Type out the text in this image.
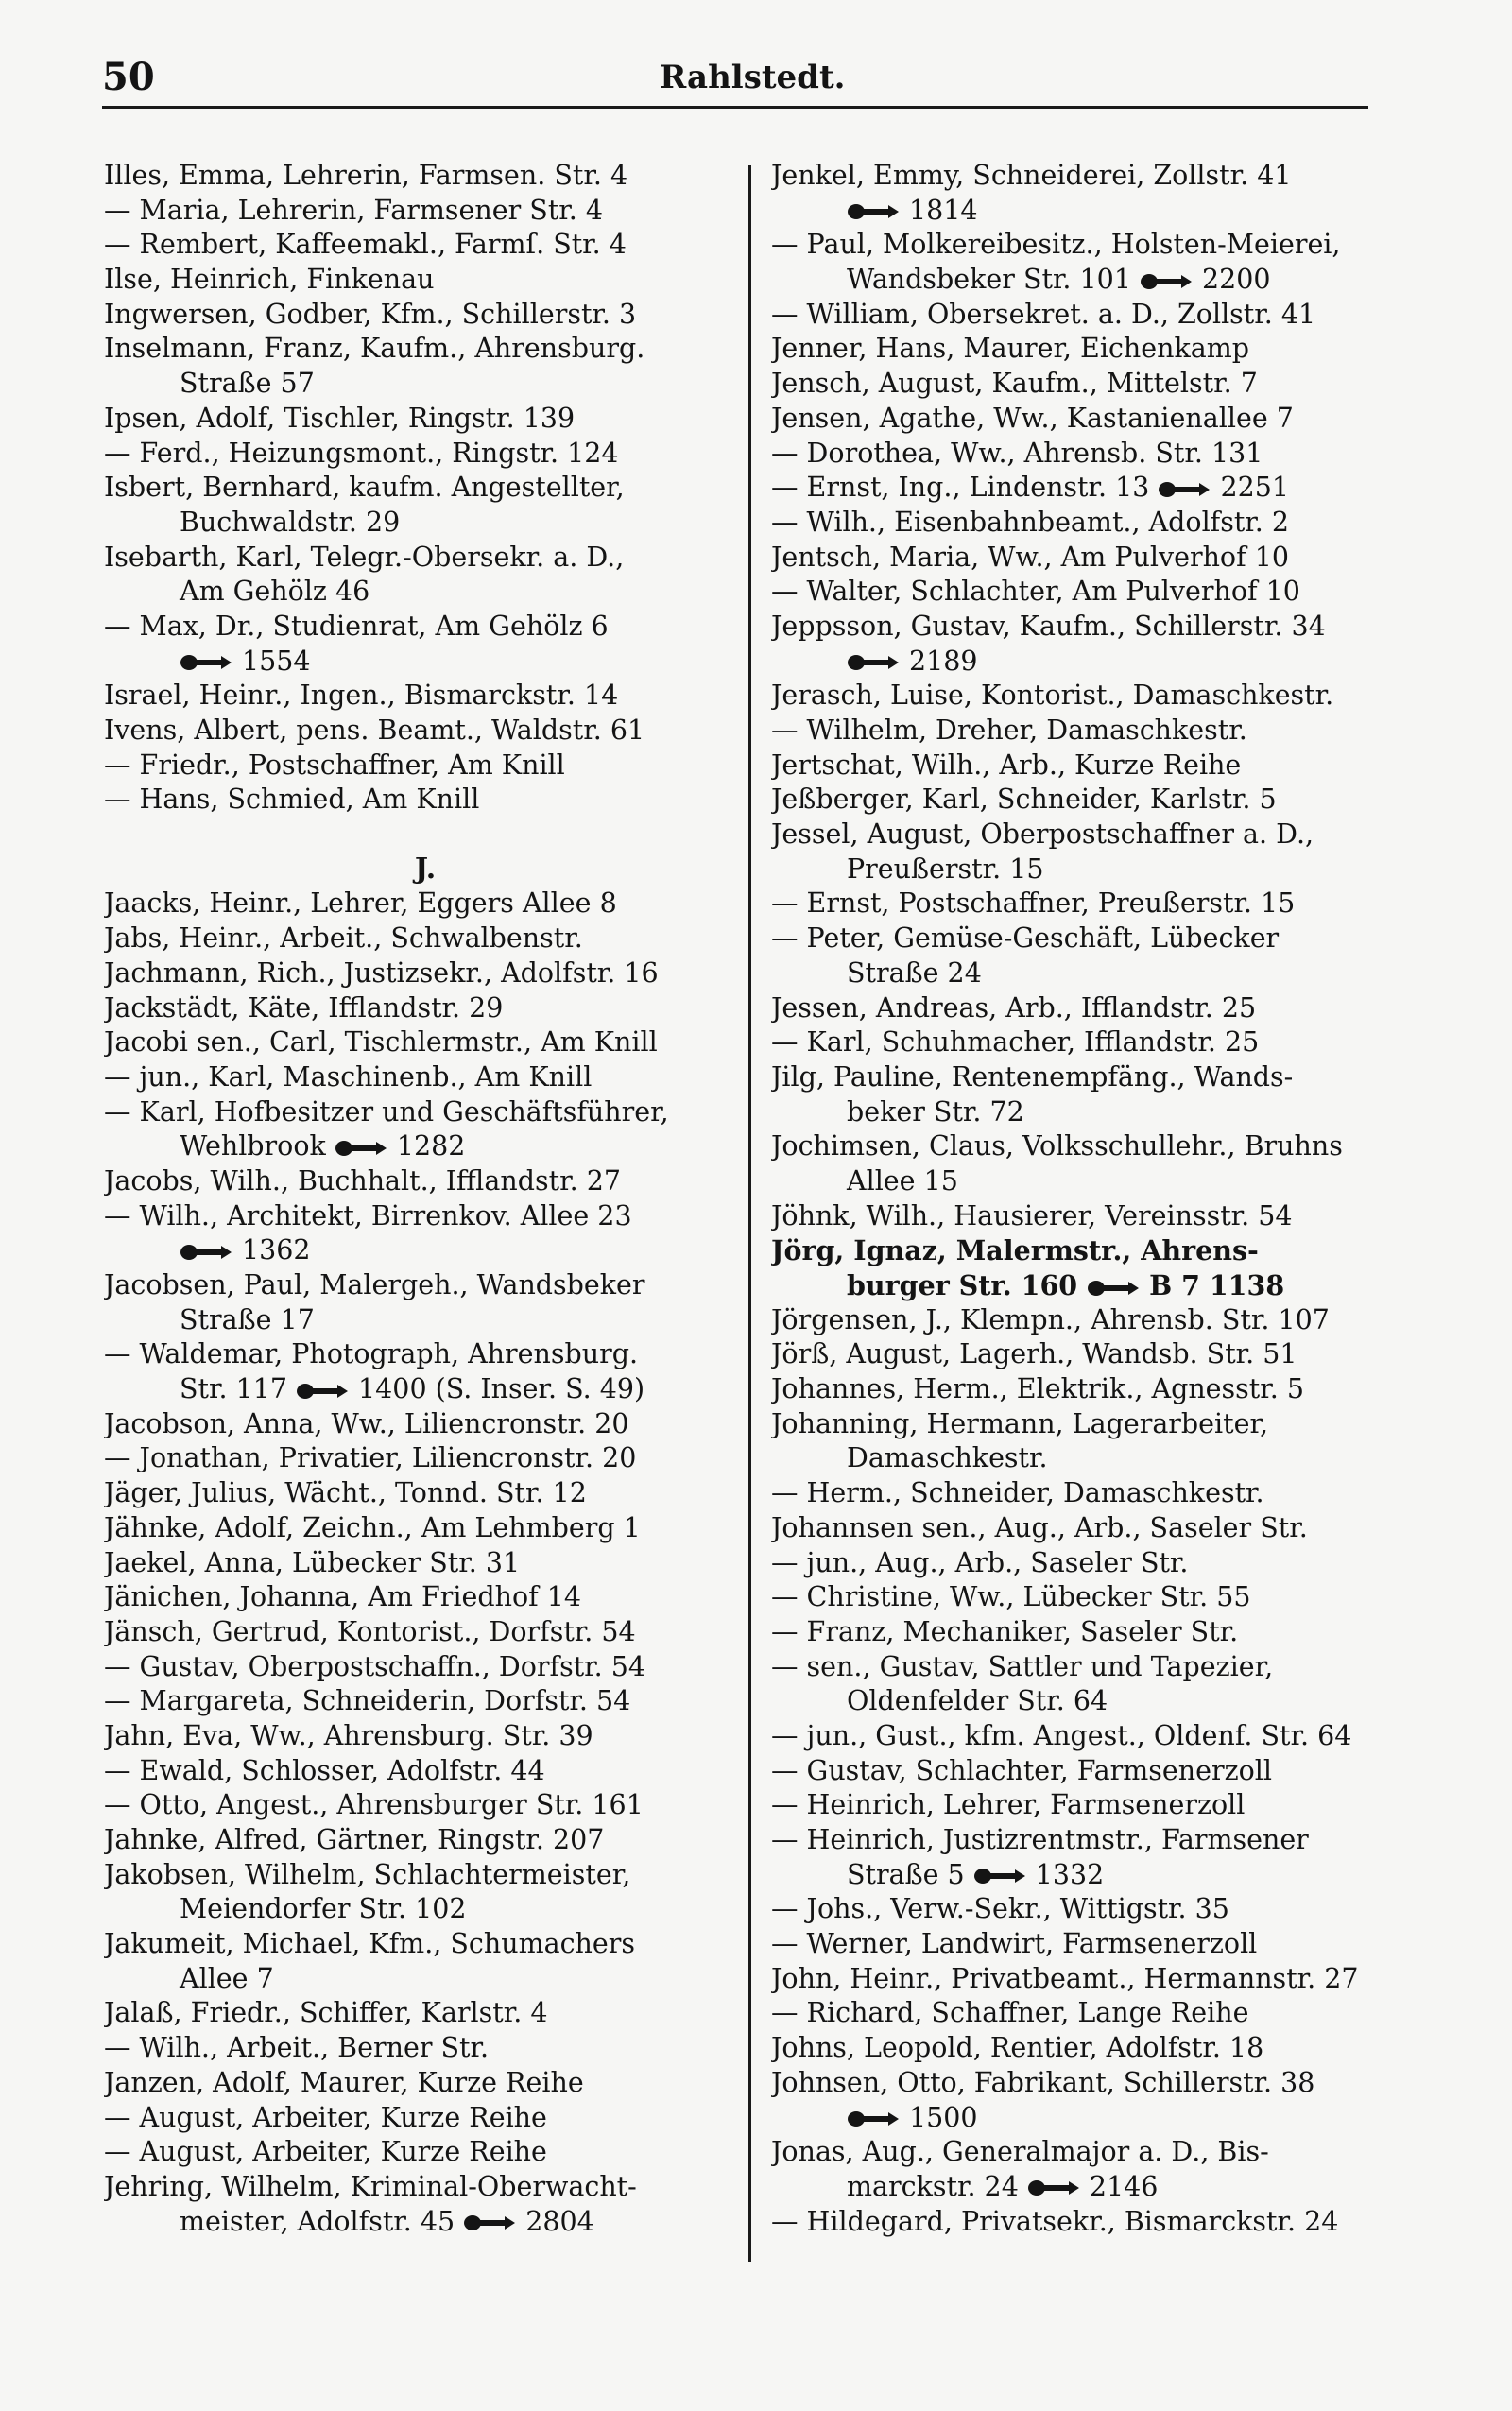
50	Rahlstedt.
Illes, Emma, Lehrerin, Farmsen. Str. 4
— Maria, Lehrerin, Farmsener Str. 4
— Rembert, Kaffeemakl., Farmſ. Str. 4
Ilse, Heinrich, Finkenau
Ingwersen, Godber, Kfm., Schillerstr. 3
Inselmann, Franz, Kaufm., Ahrensburg.
Straße 57
Ipsen, Adolf, Tischler, Ringstr. 139
— Ferd., Heizungsmont., Ringstr. 124
Isbert, Bernhard, kaufm. Angestellter,
Buchwaldstr. 29
Isebarth, Karl, Telegr.-Obersekr. a. D.,
Am Gehölz 46
— Max, Dr., Studienrat, Am Gehölz 6
1554
Israel, Heinr., Ingen., Bismarckstr. 14
Ivens, Albert, pens. Beamt., Waldstr. 61
— Friedr., Postschaffner, Am Knill
— Hans, Schmied, Am Knill
J.
Jaacks, Heinr., Lehrer, Eggers Allee 8
Jabs, Heinr., Arbeit., Schwalbenstr.
Jachmann, Rich., Justizsekr., Adolfstr. 16
Jackstädt, Käte, Ifflandstr. 29
Jacobi sen., Carl, Tischlermstr., Am Knill
— jun., Karl, Maschinenb., Am Knill
— Karl, Hofbesitzer und Geschäftsführer,
Wehlbrook 1282
Jacobs, Wilh., Buchhalt., Ifflandstr. 27
— Wilh., Architekt, Birrenkov. Allee 23
1362
Jacobsen, Paul, Malergeh., Wandsbeker
Straße 17
— Waldemar, Photograph, Ahrensburg.
Str. 117 1400 (S. Inser. S. 49)
Jacobson, Anna, Ww., Liliencronstr. 20
— Jonathan, Privatier, Liliencronstr. 20
Jäger, Julius, Wächt., Tonnd. Str. 12
Jähnke, Adolf, Zeichn., Am Lehmberg 1
Jaekel, Anna, Lübecker Str. 31
Jänichen, Johanna, Am Friedhof 14
Jänsch, Gertrud, Kontorist., Dorfstr. 54
— Gustav, Oberpostschaffn., Dorfstr. 54
— Margareta, Schneiderin, Dorfstr. 54
Jahn, Eva, Ww., Ahrensburg. Str. 39
— Ewald, Schlosser, Adolfstr. 44
— Otto, Angest., Ahrensburger Str. 161
Jahnke, Alfred, Gärtner, Ringstr. 207
Jakobsen, Wilhelm, Schlachtermeister,
Meiendorfer Str. 102
Jakumeit, Michael, Kfm., Schumachers
Allee 7
Jalaß, Friedr., Schiffer, Karlstr. 4
— Wilh., Arbeit., Berner Str.
Janzen, Adolf, Maurer, Kurze Reihe
— August, Arbeiter, Kurze Reihe
— August, Arbeiter, Kurze Reihe
Jehring, Wilhelm, Kriminal-Oberwacht-
meister, Adolfstr. 45 2804
Jenkel, Emmy, Schneiderei, Zollstr. 41
1814
— Paul, Molkereibesitz., Holsten-Meierei,
Wandsbeker Str. 101 2200
— William, Obersekret. a. D., Zollstr. 41
Jenner, Hans, Maurer, Eichenkamp
Jensch, August, Kaufm., Mittelstr. 7
Jensen, Agathe, Ww., Kastanienallee 7
— Dorothea, Ww., Ahrensb. Str. 131
— Ernst, Ing., Lindenstr. 13 2251
— Wilh., Eisenbahnbeamt., Adolfstr. 2
Jentsch, Maria, Ww., Am Pulverhof 10
— Walter, Schlachter, Am Pulverhof 10
Jeppsson, Gustav, Kaufm., Schillerstr. 34
2189
Jerasch, Luise, Kontorist., Damaschkestr.
— Wilhelm, Dreher, Damaschkestr.
Jertschat, Wilh., Arb., Kurze Reihe
Jeßberger, Karl, Schneider, Karlstr. 5
Jessel, August, Oberpostschaffner a. D.,
Preußerstr. 15
— Ernst, Postschaffner, Preußerstr. 15
— Peter, Gemüse-Geschäft, Lübecker
Straße 24
Jessen, Andreas, Arb., Ifflandstr. 25
— Karl, Schuhmacher, Ifflandstr. 25
Jilg, Pauline, Rentenempfäng., Wands-
beker Str. 72
Jochimsen, Claus, Volksschullehr., Bruhns
Allee 15
Jöhnk, Wilh., Hausierer, Vereinsstr. 54
Jörg, Ignaz, Malermstr., Ahrens-
burger Str. 160 B 7 1138
Jörgensen, J., Klempn., Ahrensb. Str. 107
Jörß, August, Lagerh., Wandsb. Str. 51
Johannes, Herm., Elektrik., Agnesstr. 5
Johanning, Hermann, Lagerarbeiter,
Damaschkestr.
— Herm., Schneider, Damaschkestr.
Johannsen sen., Aug., Arb., Saseler Str.
— jun., Aug., Arb., Saseler Str.
— Christine, Ww., Lübecker Str. 55
— Franz, Mechaniker, Saseler Str.
— sen., Gustav, Sattler und Tapezier,
Oldenfelder Str. 64
— jun., Gust., kfm. Angest., Oldenf. Str. 64
— Gustav, Schlachter, Farmsenerzoll
— Heinrich, Lehrer, Farmsenerzoll
— Heinrich, Justizrentmstr., Farmsener
Straße 5 1332
— Johs., Verw.-Sekr., Wittigstr. 35
— Werner, Landwirt, Farmsenerzoll
John, Heinr., Privatbeamt., Hermannstr. 27
— Richard, Schaffner, Lange Reihe
Johns, Leopold, Rentier, Adolfstr. 18
Johnsen, Otto, Fabrikant, Schillerstr. 38
1500
Jonas, Aug., Generalmajor a. D., Bis-
marckstr. 24 2146
— Hildegard, Privatsekr., Bismarckstr. 24
